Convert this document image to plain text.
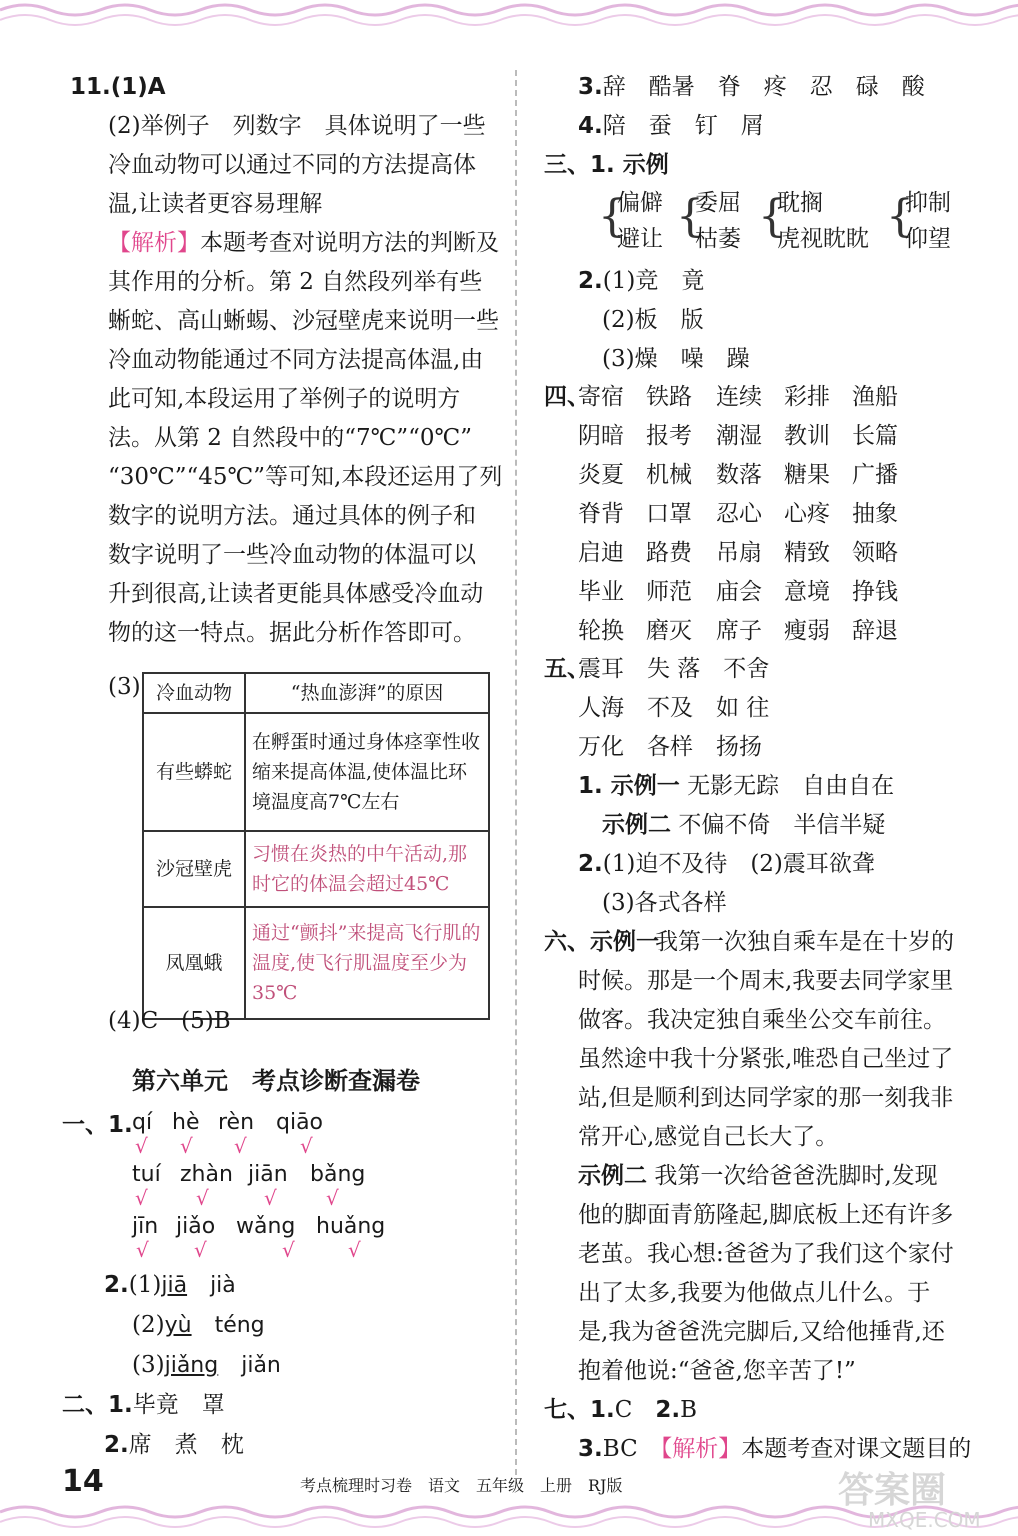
11.(1)A
(2)举例子　列数字　具体说明了一些
冷血动物可以通过不同的方法提高体
温,让读者更容易理解
【解析】本题考查对说明方法的判断及
其作用的分析。第 2 自然段列举有些
蜥蛇、高山蜥蜴、沙冠壁虎来说明一些
冷血动物能通过不同方法提高体温,由
此可知,本段运用了举例子的说明方
法。从第 2 自然段中的“7℃”“0℃”
“30℃”“45℃”等可知,本段还运用了列
数字的说明方法。通过具体的例子和
数字说明了一些冷血动物的体温可以
升到很高,让读者更能具体感受冷血动
物的这一特点。据此分析作答即可。
(3) 冷血动物	“热血澎湃”的原因
有些蟒蛇	在孵蛋时通过身体痉挛性收缩来提高体温,使体温比环境温度高7℃左右
沙冠壁虎	习惯在炎热的中午活动,那时它的体温会超过45℃
凤凰蛾	通过“颤抖”来提高飞行肌的温度,使飞行肌温度至少为35℃
(4)C　(5)B
第六单元　考点诊断查漏卷
一、1. qí hè rèn qiāo
√ √ √	√
tuí zhàn jiān bǎng
√ √	√ √
jīn jiǎo wǎng huǎng
√ √	√	√
2.(1)jiā　 jià
(2)yù　 téng
(3)jiǎng　 jiǎn
二、1.毕竟　罩
2.席　煮　枕
3.辞　酷暑　脊　疼　忍　碌　酸
4.陪　蚕　钉　屑
三、1. 示例
{
偏僻
避让 {
委屈
枯萎 {
耽搁
虎视眈眈 {
抑制
仰望
2.(1)竞　竟
(2)板　版
(3)燥　噪　躁
四、
寄宿 铁路 连续 彩排 渔船
阴暗 报考 潮湿 教训 长篇
炎夏 机械 数落 糖果 广播
脊背 口罩 忍心 心疼 抽象
启迪 路费 吊扇 精致 领略
毕业 师范 庙会 意境 挣钱
轮换 磨灭 席子 瘦弱 辞退
五、
震耳　失 落　不舍
人海　不及　如 往
万化　各样　扬扬
1. 示例一 无影无踪　自由自在
示例二 不偏不倚　半信半疑
2.(1)迫不及待　(2)震耳欲聋
(3)各式各样
六、示例一
我第一次独自乘车是在十岁的
时候。那是一个周末,我要去同学家里
做客。我决定独自乘坐公交车前往。
虽然途中我十分紧张,唯恐自己坐过了
站,但是顺利到达同学家的那一刻我非
常开心,感觉自己长大了。
示例二 我第一次给爸爸洗脚时,发现
他的脚面青筋隆起,脚底板上还有许多
老茧。我心想:爸爸为了我们这个家付
出了太多,我要为他做点儿什么。于
是,我为爸爸洗完脚后,又给他捶背,还
抱着他说:“爸爸,您辛苦了!”
七、1.C　 2.B
3.BC　 【解析】本题考查对课文题目的
14	考点梳理时习卷　语文　五年级　上册　RJ版	答案圈
MXQE.COM
